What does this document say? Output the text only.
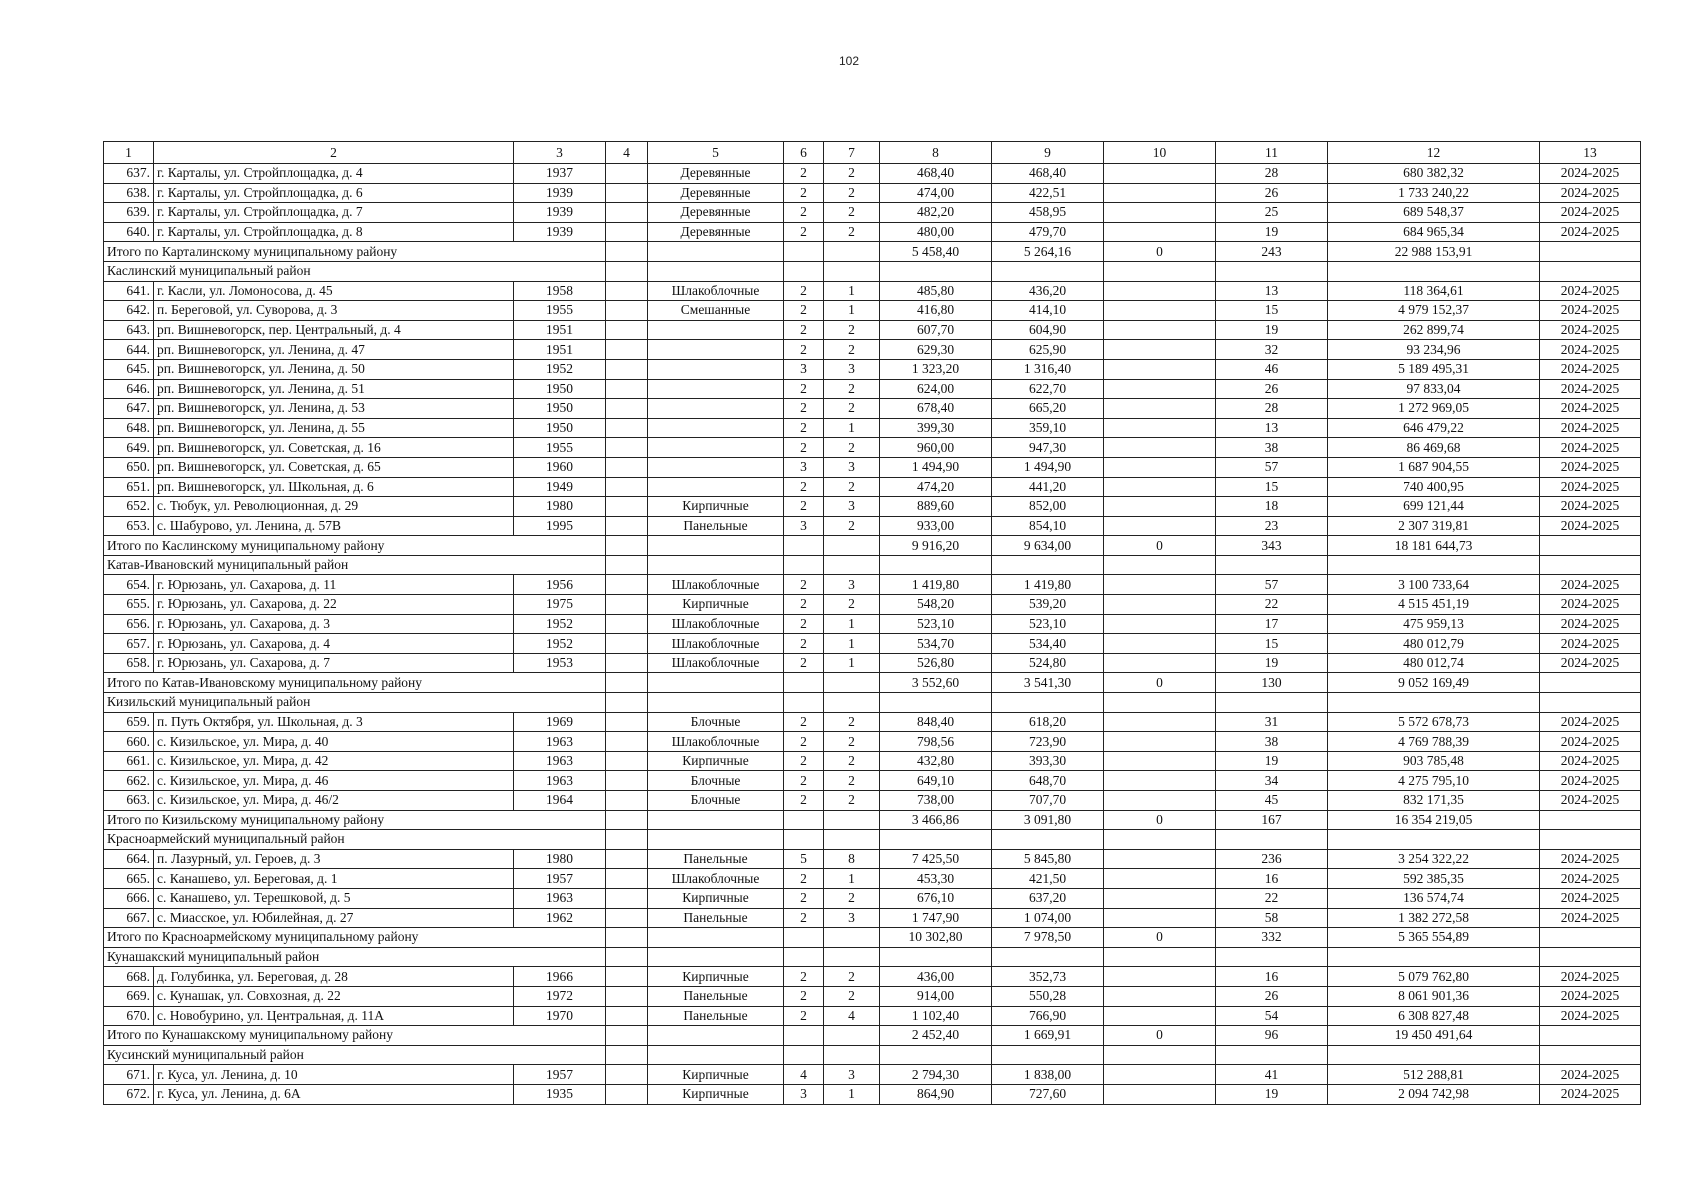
102
1	2	3	4	5	6	7	8	9	10	11	12	13
637.	г. Карталы, ул. Стройплощадка, д. 4	1937		Деревянные	2	2	468,40	468,40		28	680 382,32	2024-2025
638.	г. Карталы, ул. Стройплощадка, д. 6	1939		Деревянные	2	2	474,00	422,51		26	1 733 240,22	2024-2025
639.	г. Карталы, ул. Стройплощадка, д. 7	1939		Деревянные	2	2	482,20	458,95		25	689 548,37	2024-2025
640.	г. Карталы, ул. Стройплощадка, д. 8	1939		Деревянные	2	2	480,00	479,70		19	684 965,34	2024-2025
Итого по Карталинскому муниципальному району							5 458,40	5 264,16	0	243	22 988 153,91	
Каслинский муниципальный район												
641.	г. Касли, ул. Ломоносова, д. 45	1958		Шлакоблочные	2	1	485,80	436,20		13	118 364,61	2024-2025
642.	п. Береговой, ул. Суворова, д. 3	1955		Смешанные	2	1	416,80	414,10		15	4 979 152,37	2024-2025
643.	рп. Вишневогорск, пер. Центральный, д. 4	1951			2	2	607,70	604,90		19	262 899,74	2024-2025
644.	рп. Вишневогорск, ул. Ленина, д. 47	1951			2	2	629,30	625,90		32	93 234,96	2024-2025
645.	рп. Вишневогорск, ул. Ленина, д. 50	1952			3	3	1 323,20	1 316,40		46	5 189 495,31	2024-2025
646.	рп. Вишневогорск, ул. Ленина, д. 51	1950			2	2	624,00	622,70		26	97 833,04	2024-2025
647.	рп. Вишневогорск, ул. Ленина, д. 53	1950			2	2	678,40	665,20		28	1 272 969,05	2024-2025
648.	рп. Вишневогорск, ул. Ленина, д. 55	1950			2	1	399,30	359,10		13	646 479,22	2024-2025
649.	рп. Вишневогорск, ул. Советская, д. 16	1955			2	2	960,00	947,30		38	86 469,68	2024-2025
650.	рп. Вишневогорск, ул. Советская, д. 65	1960			3	3	1 494,90	1 494,90		57	1 687 904,55	2024-2025
651.	рп. Вишневогорск, ул. Школьная, д. 6	1949			2	2	474,20	441,20		15	740 400,95	2024-2025
652.	с. Тюбук, ул. Революционная, д. 29	1980		Кирпичные	2	3	889,60	852,00		18	699 121,44	2024-2025
653.	с. Шабурово, ул. Ленина, д. 57В	1995		Панельные	3	2	933,00	854,10		23	2 307 319,81	2024-2025
Итого по Каслинскому муниципальному району							9 916,20	9 634,00	0	343	18 181 644,73	
Катав-Ивановский муниципальный район												
654.	г. Юрюзань, ул. Сахарова, д. 11	1956		Шлакоблочные	2	3	1 419,80	1 419,80		57	3 100 733,64	2024-2025
655.	г. Юрюзань, ул. Сахарова, д. 22	1975		Кирпичные	2	2	548,20	539,20		22	4 515 451,19	2024-2025
656.	г. Юрюзань, ул. Сахарова, д. 3	1952		Шлакоблочные	2	1	523,10	523,10		17	475 959,13	2024-2025
657.	г. Юрюзань, ул. Сахарова, д. 4	1952		Шлакоблочные	2	1	534,70	534,40		15	480 012,79	2024-2025
658.	г. Юрюзань, ул. Сахарова, д. 7	1953		Шлакоблочные	2	1	526,80	524,80		19	480 012,74	2024-2025
Итого по Катав-Ивановскому муниципальному району							3 552,60	3 541,30	0	130	9 052 169,49	
Кизильский муниципальный район												
659.	п. Путь Октября, ул. Школьная, д. 3	1969		Блочные	2	2	848,40	618,20		31	5 572 678,73	2024-2025
660.	с. Кизильское, ул. Мира, д. 40	1963		Шлакоблочные	2	2	798,56	723,90		38	4 769 788,39	2024-2025
661.	с. Кизильское, ул. Мира, д. 42	1963		Кирпичные	2	2	432,80	393,30		19	903 785,48	2024-2025
662.	с. Кизильское, ул. Мира, д. 46	1963		Блочные	2	2	649,10	648,70		34	4 275 795,10	2024-2025
663.	с. Кизильское, ул. Мира, д. 46/2	1964		Блочные	2	2	738,00	707,70		45	832 171,35	2024-2025
Итого по Кизильскому муниципальному району							3 466,86	3 091,80	0	167	16 354 219,05	
Красноармейский муниципальный район												
664.	п. Лазурный, ул. Героев, д. 3	1980		Панельные	5	8	7 425,50	5 845,80		236	3 254 322,22	2024-2025
665.	с. Канашево, ул. Береговая, д. 1	1957		Шлакоблочные	2	1	453,30	421,50		16	592 385,35	2024-2025
666.	с. Канашево, ул. Терешковой, д. 5	1963		Кирпичные	2	2	676,10	637,20		22	136 574,74	2024-2025
667.	с. Миасское, ул. Юбилейная, д. 27	1962		Панельные	2	3	1 747,90	1 074,00		58	1 382 272,58	2024-2025
Итого по Красноармейскому муниципальному району							10 302,80	7 978,50	0	332	5 365 554,89	
Кунашакский муниципальный район												
668.	д. Голубинка, ул. Береговая, д. 28	1966		Кирпичные	2	2	436,00	352,73		16	5 079 762,80	2024-2025
669.	с. Кунашак, ул. Совхозная, д. 22	1972		Панельные	2	2	914,00	550,28		26	8 061 901,36	2024-2025
670.	с. Новобурино, ул. Центральная, д. 11А	1970		Панельные	2	4	1 102,40	766,90		54	6 308 827,48	2024-2025
Итого по Кунашакскому муниципальному району							2 452,40	1 669,91	0	96	19 450 491,64	
Кусинский муниципальный район												
671.	г. Куса, ул. Ленина, д. 10	1957		Кирпичные	4	3	2 794,30	1 838,00		41	512 288,81	2024-2025
672.	г. Куса, ул. Ленина, д. 6А	1935		Кирпичные	3	1	864,90	727,60		19	2 094 742,98	2024-2025
